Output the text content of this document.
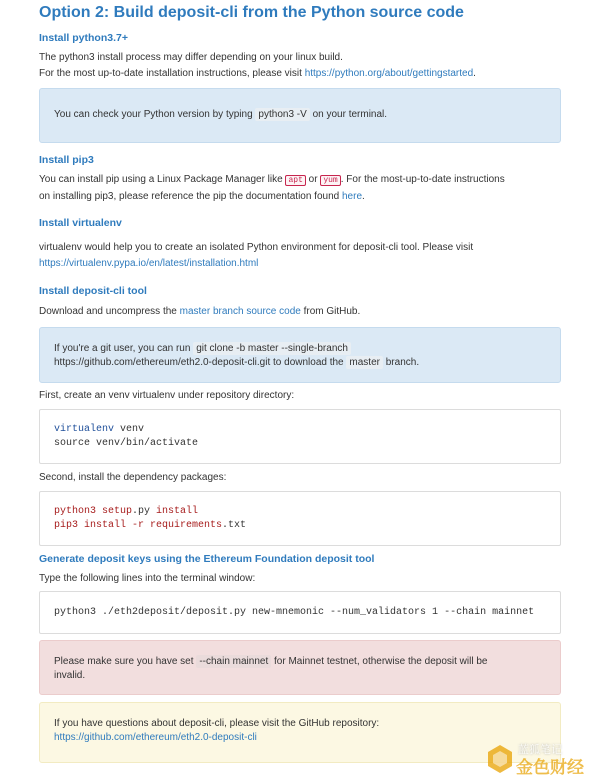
Option 2: Build deposit-cli from the Python source code
Install python3.7+
The python3 install process may differ depending on your linux build.
For the most up-to-date installation instructions, please visit https://python.org/about/gettingstarted.
You can check your Python version by typing python3 -V on your terminal.
Install pip3
You can install pip using a Linux Package Manager like apt or yum . For the most-up-to-date instructions
on installing pip3, please reference the pip the documentation found here.
Install virtualenv
virtualenv would help you to create an isolated Python environment for deposit-cli tool. Please visit
https://virtualenv.pypa.io/en/latest/installation.html
Install deposit-cli tool
Download and uncompress the master branch source code from GitHub.
If you're a git user, you can run git clone -b master --single-branch
https://github.com/ethereum/eth2.0-deposit-cli.git to download the master branch.
First, create an venv virtualenv under repository directory:
virtualenv venv
source venv/bin/activate
Second, install the dependency packages:
python3 setup.py install
pip3 install -r requirements.txt
Generate deposit keys using the Ethereum Foundation deposit tool
Type the following lines into the terminal window:
python3 ./eth2deposit/deposit.py new-mnemonic --num_validators 1 --chain mainnet
Please make sure you have set --chain mainnet for Mainnet testnet, otherwise the deposit will be
invalid.
If you have questions about deposit-cli, please visit the GitHub repository:
https://github.com/ethereum/eth2.0-deposit-cli
蓝狐笔记
金色财经
